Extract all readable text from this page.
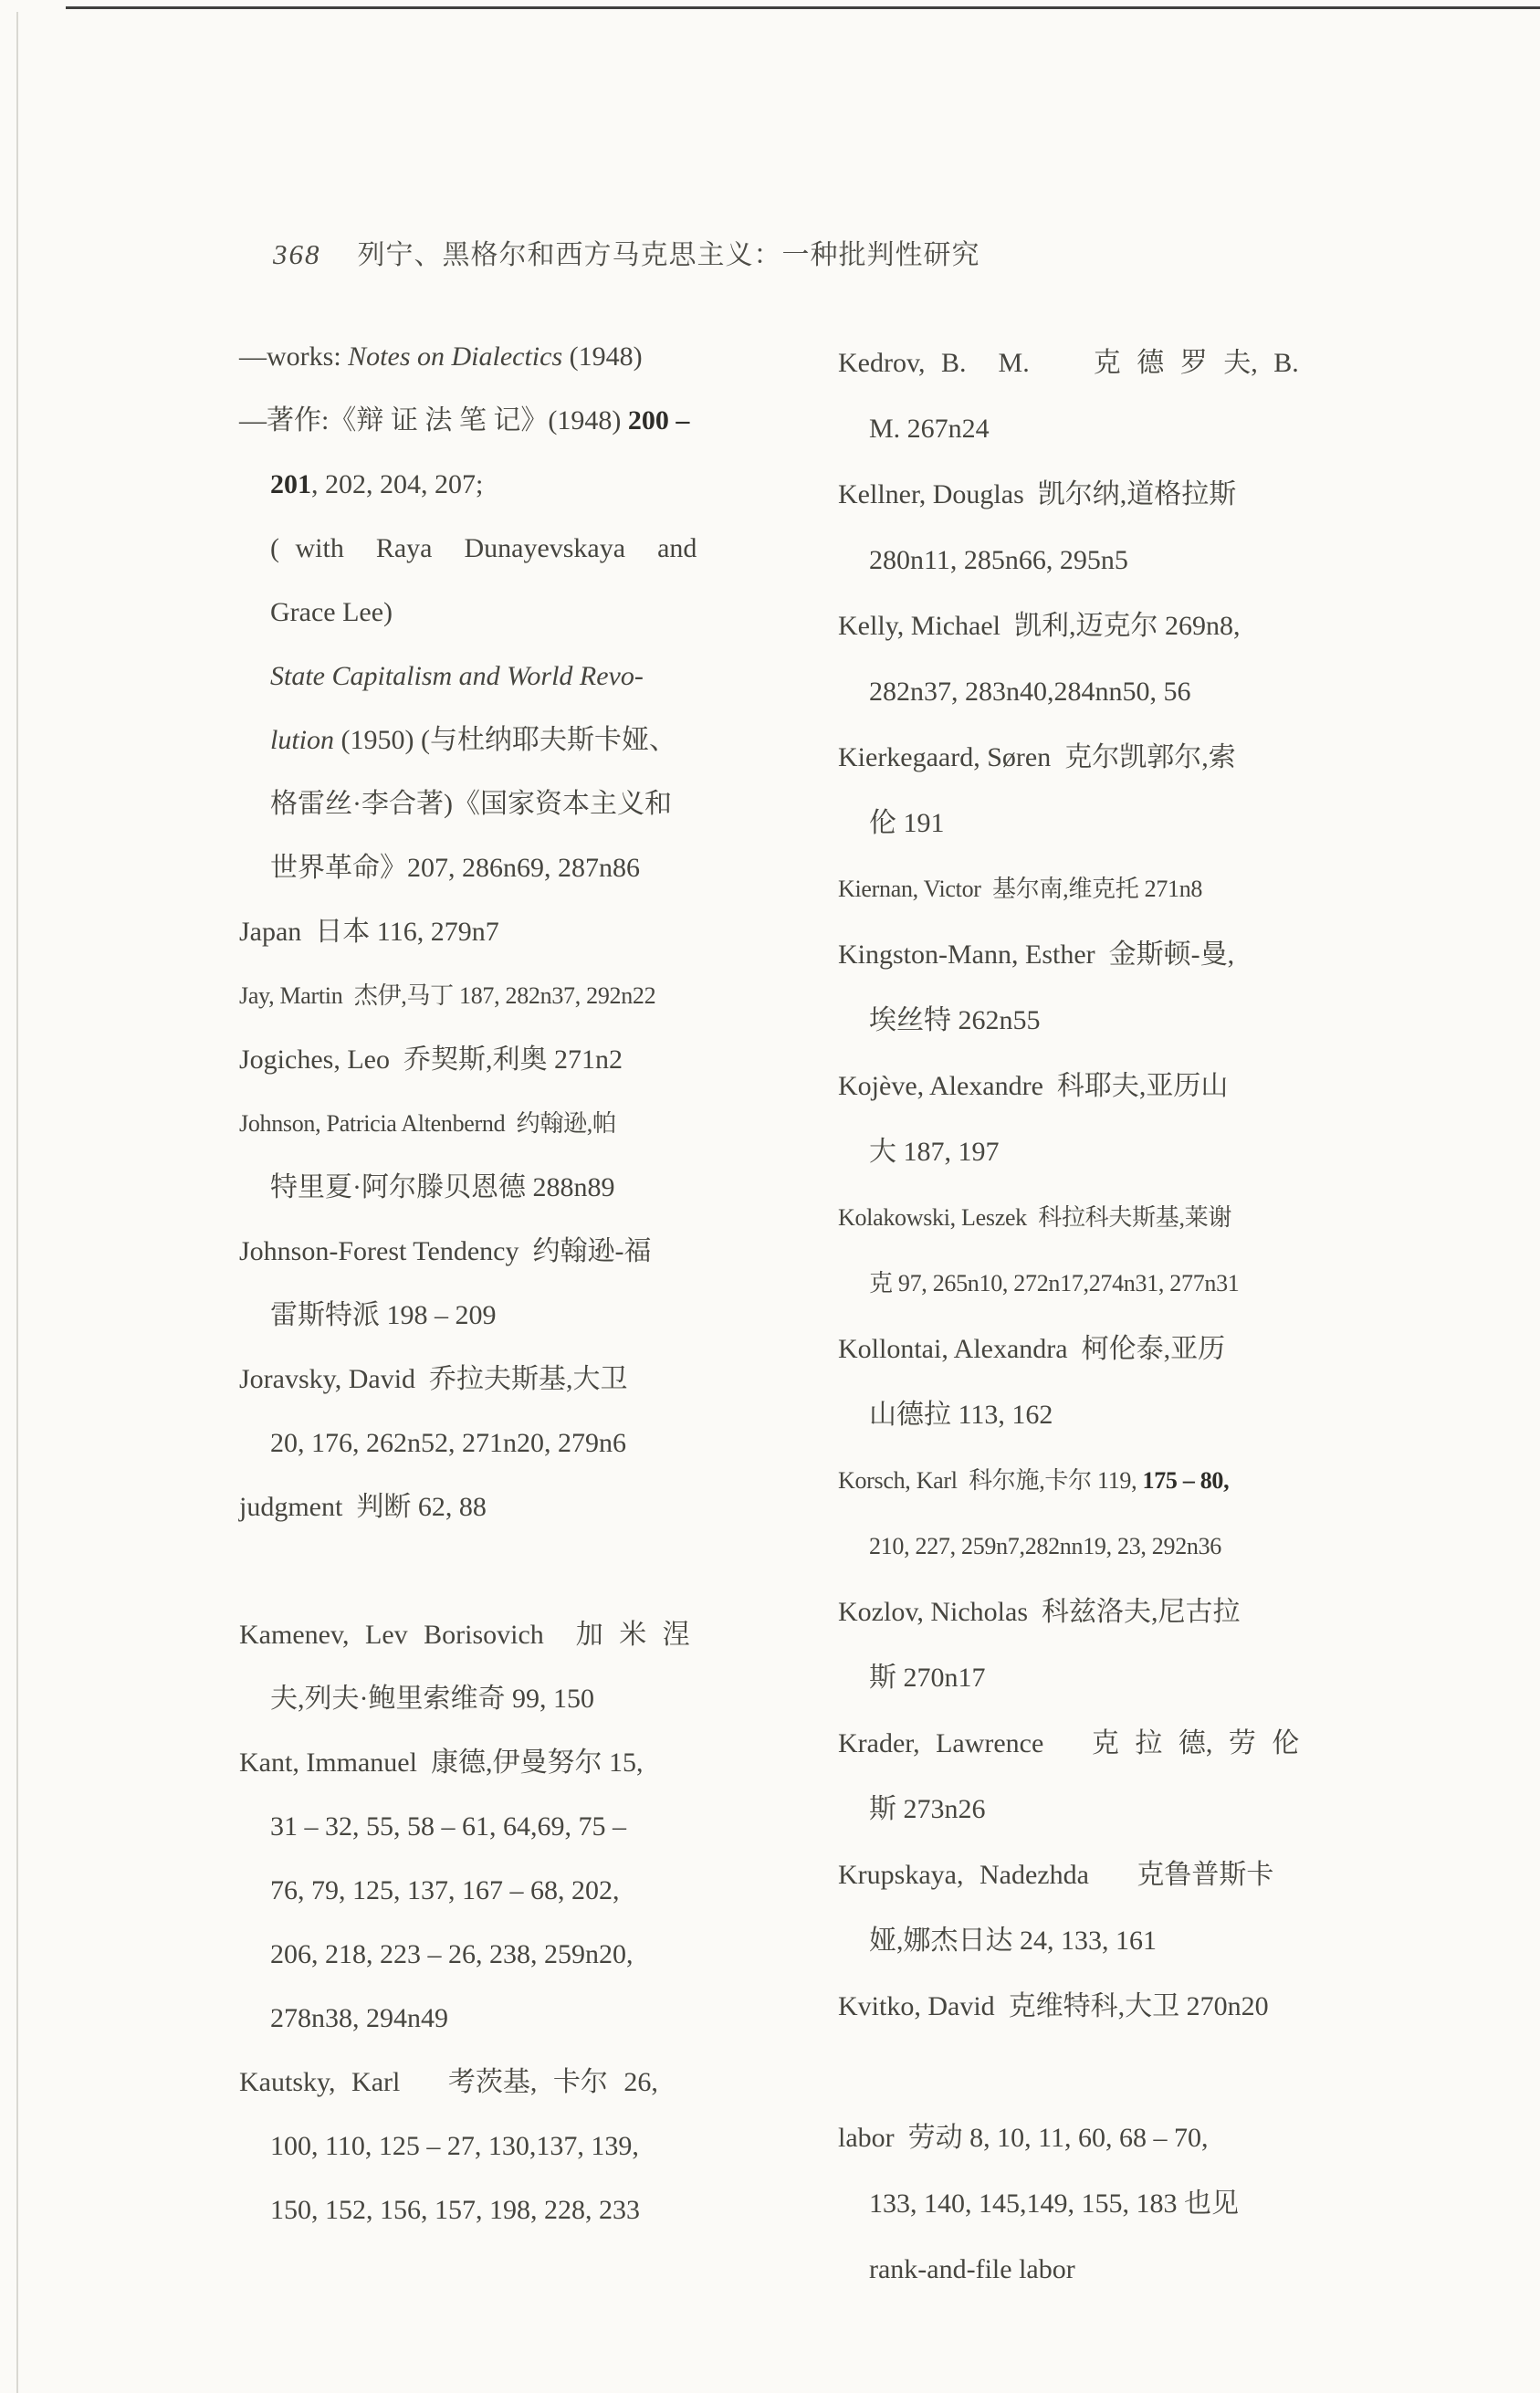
368 列宁、黑格尔和西方马克思主义：一种批判性研究

—works: Notes on Dialectics (1948)
—著作:《辩 证 法 笔 记》(1948) 200 –
201, 202, 204, 207;
( with  Raya  Dunayevskaya  and
Grace Lee)
State Capitalism and World Revo-
lution (1950) (与杜纳耶夫斯卡娅、
格雷丝·李合著)《国家资本主义和
世界革命》207, 286n69, 287n86
Japan  日本 116, 279n7
Jay, Martin  杰伊,马丁 187, 282n37, 292n22
Jogiches, Leo  乔契斯,利奥 271n2
Johnson, Patricia Altenbernd  约翰逊,帕
特里夏·阿尔滕贝恩德 288n89
Johnson-Forest Tendency  约翰逊-福
雷斯特派 198 – 209
Joravsky, David  乔拉夫斯基,大卫
20, 176, 262n52, 271n20, 279n6
judgment  判断 62, 88
Kamenev, Lev Borisovich  加 米 涅
夫,列夫·鲍里索维奇 99, 150
Kant, Immanuel  康德,伊曼努尔 15,
31 – 32, 55, 58 – 61, 64,69, 75 –
76, 79, 125, 137, 167 – 68, 202,
206, 218, 223 – 26, 238, 259n20,
278n38, 294n49
Kautsky, Karl   考茨基, 卡尔 26,
100, 110, 125 – 27, 130,137, 139,
150, 152, 156, 157, 198, 228, 233
Kedrov, B.  M.    克 德 罗 夫, B.
M. 267n24
Kellner, Douglas  凯尔纳,道格拉斯
280n11, 285n66, 295n5
Kelly, Michael  凯利,迈克尔 269n8,
282n37, 283n40,284nn50, 56
Kierkegaard, Søren  克尔凯郭尔,索
伦 191
Kiernan, Victor  基尔南,维克托 271n8
Kingston-Mann, Esther  金斯顿-曼,
埃丝特 262n55
Kojève, Alexandre  科耶夫,亚历山
大 187, 197
Kolakowski, Leszek  科拉科夫斯基,莱谢
克 97, 265n10, 272n17,274n31, 277n31
Kollontai, Alexandra  柯伦泰,亚历
山德拉 113, 162
Korsch, Karl  科尔施,卡尔 119, 175 – 80,
210, 227, 259n7,282nn19, 23, 292n36
Kozlov, Nicholas  科兹洛夫,尼古拉
斯 270n17
Krader, Lawrence   克 拉 德, 劳 伦
斯 273n26
Krupskaya, Nadezhda   克鲁普斯卡
娅,娜杰日达 24, 133, 161
Kvitko, David  克维特科,大卫 270n20
labor  劳动 8, 10, 11, 60, 68 – 70,
133, 140, 145,149, 155, 183 也见
rank-and-file labor
